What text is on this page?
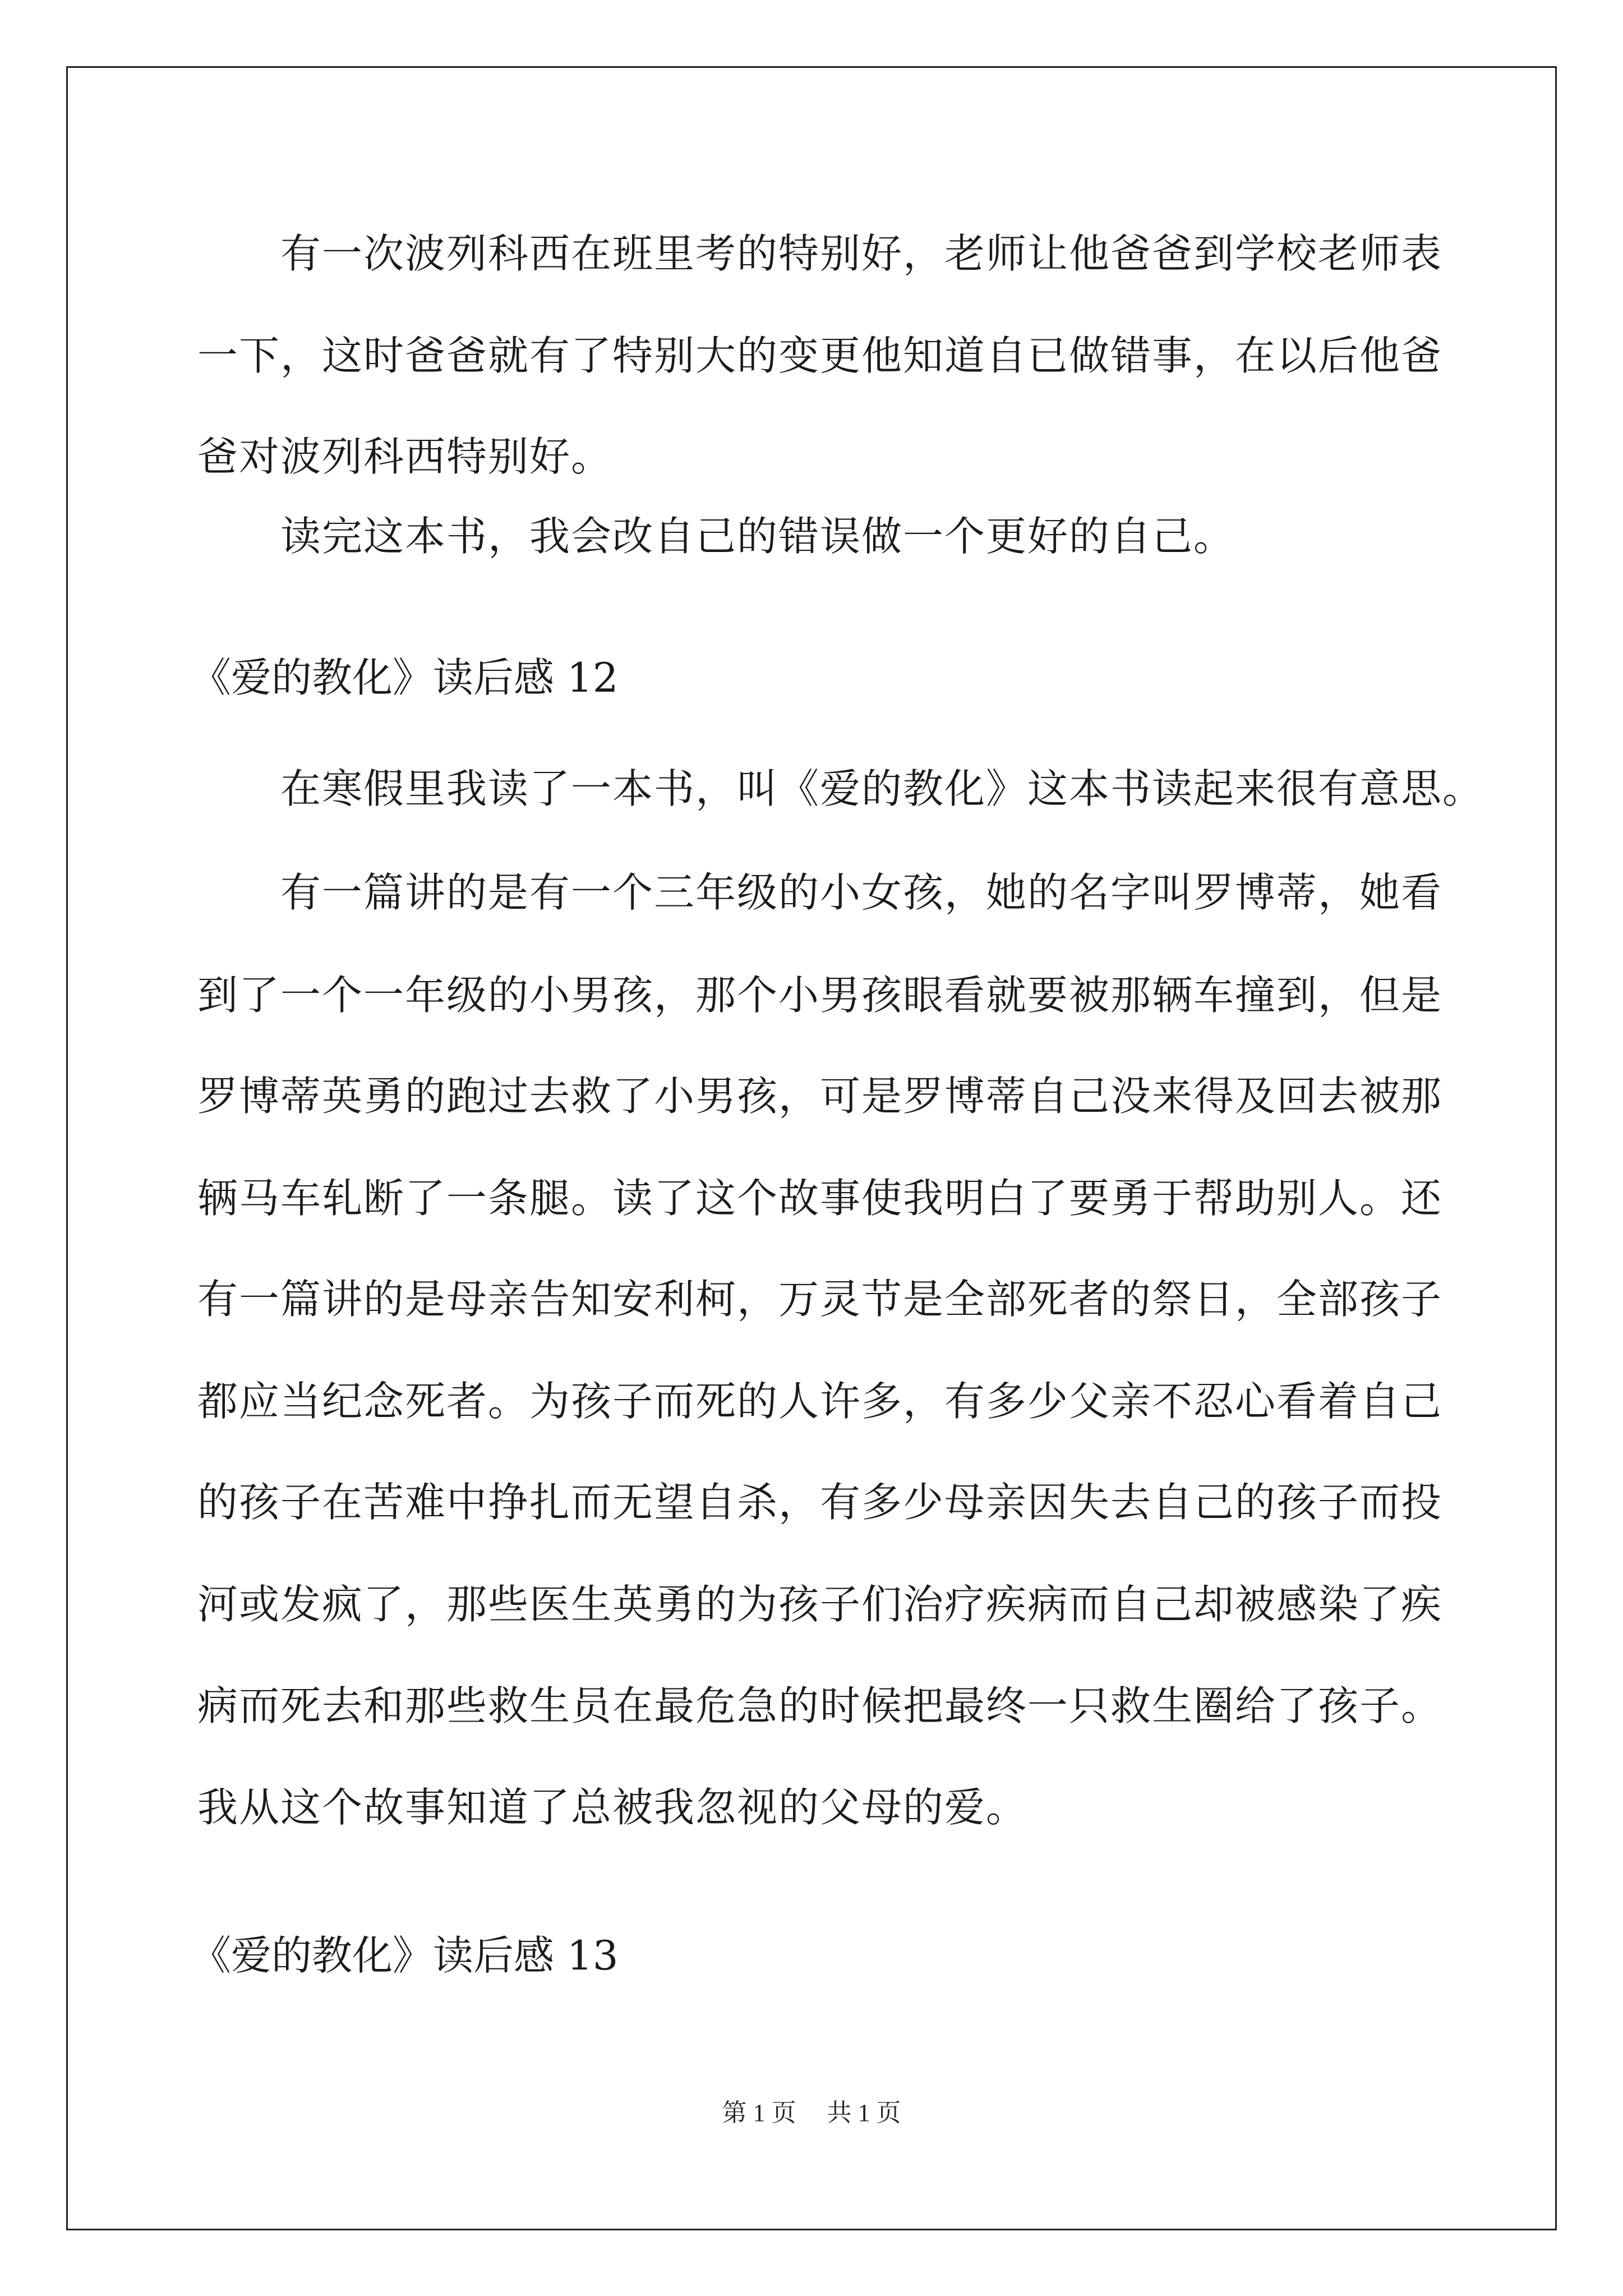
有一次波列科西在班里考的特别好，老师让他爸爸到学校老师表
一下，这时爸爸就有了特别大的变更他知道自已做错事，在以后他爸
爸对波列科西特别好。
读完这本书，我会改自己的错误做一个更好的自己。
《爱的教化》读后感 12
在寒假里我读了一本书，叫《爱的教化》这本书读起来很有意思。
有一篇讲的是有一个三年级的小女孩，她的名字叫罗博蒂，她看
到了一个一年级的小男孩，那个小男孩眼看就要被那辆车撞到，但是
罗博蒂英勇的跑过去救了小男孩，可是罗博蒂自己没来得及回去被那
辆马车轧断了一条腿。读了这个故事使我明白了要勇于帮助别人。还
有一篇讲的是母亲告知安利柯，万灵节是全部死者的祭日，全部孩子
都应当纪念死者。为孩子而死的人许多，有多少父亲不忍心看着自己
的孩子在苦难中挣扎而无望自杀，有多少母亲因失去自己的孩子而投
河或发疯了，那些医生英勇的为孩子们治疗疾病而自己却被感染了疾
病而死去和那些救生员在最危急的时候把最终一只救生圈给了孩子。
我从这个故事知道了总被我忽视的父母的爱。
《爱的教化》读后感 13
第 1 页 共 1 页
